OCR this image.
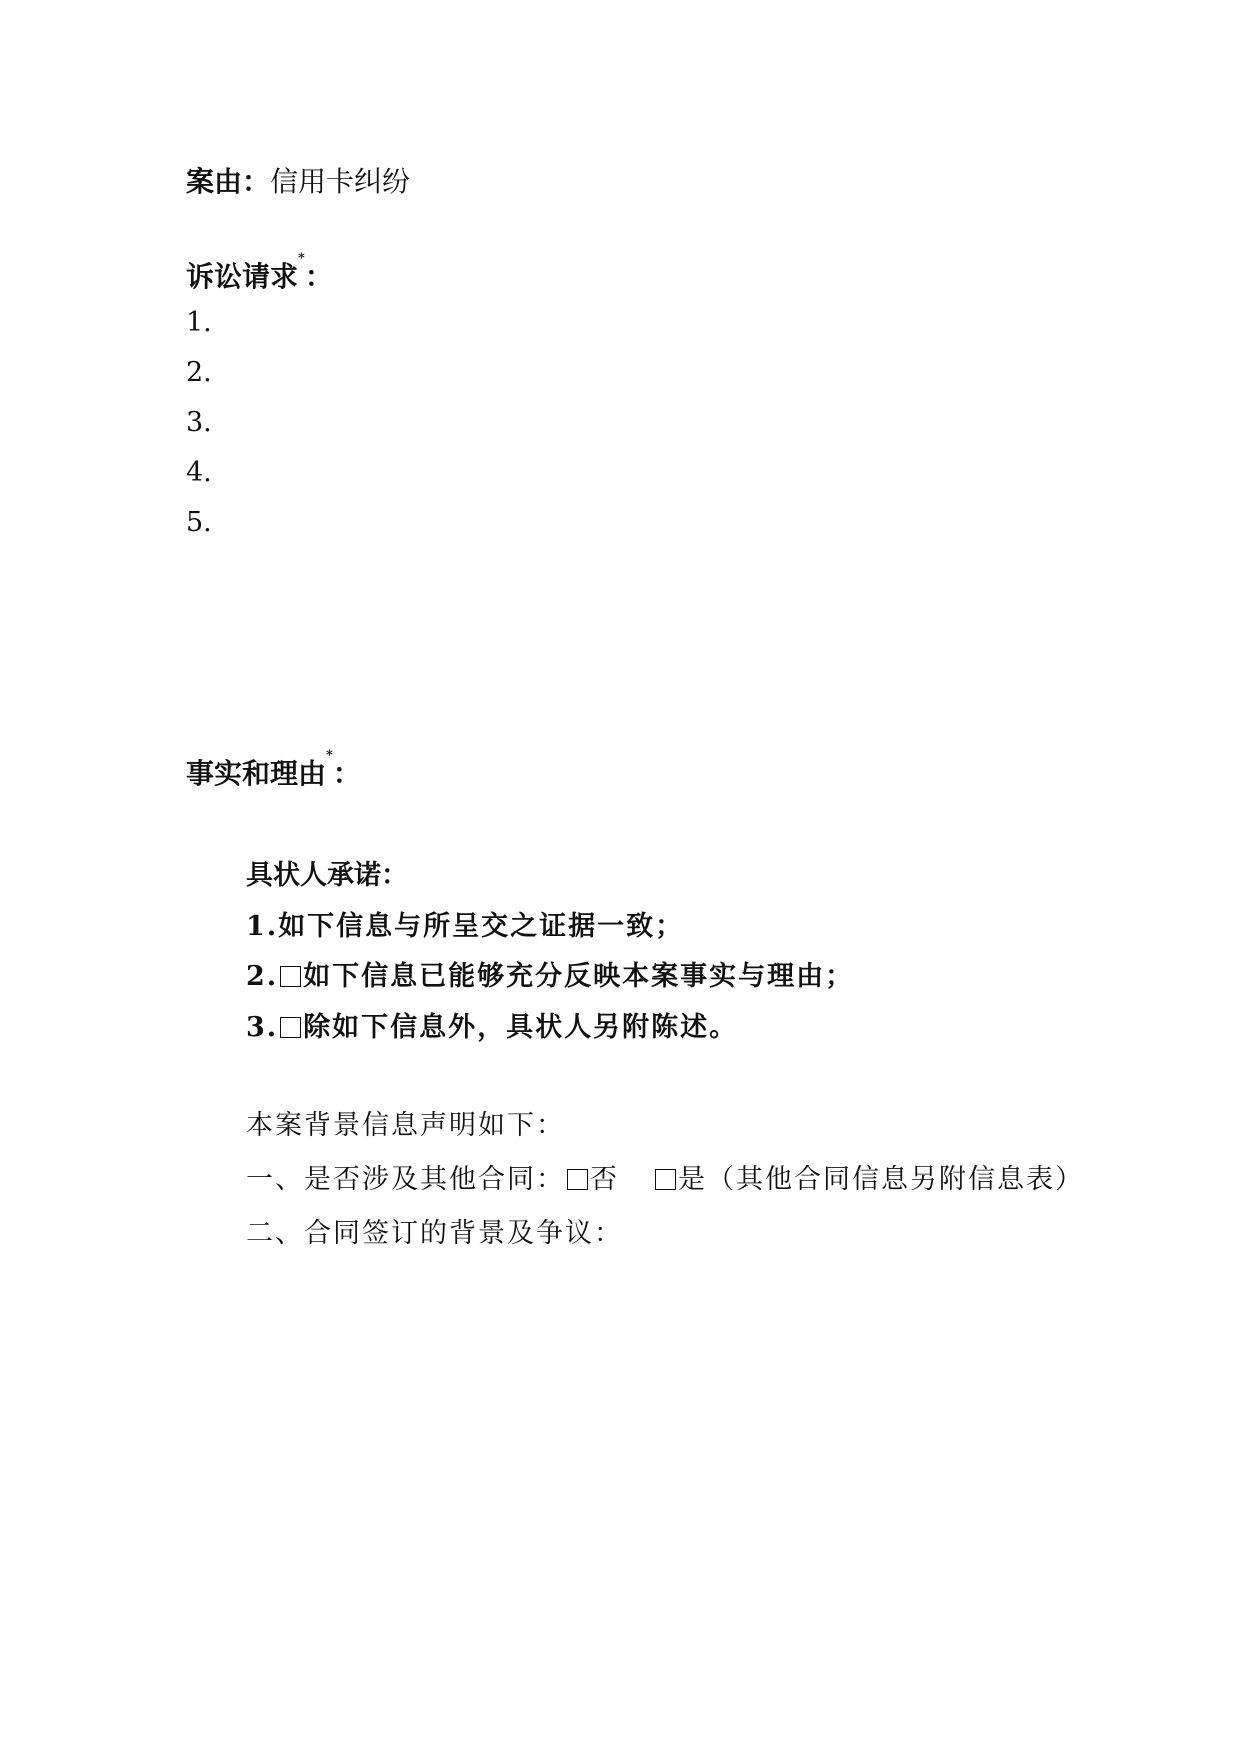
案由：信用卡纠纷
诉讼请求*：
1.
2.
3.
4.
5.
事实和理由*：
具状人承诺：
1.如下信息与所呈交之证据一致；
2. 如下信息已能够充分反映本案事实与理由；
3. 除如下信息外，具状人另附陈述。
本案背景信息声明如下：
一、是否涉及其他合同： 否 是（其他合同信息另附信息表）
二、合同签订的背景及争议：
